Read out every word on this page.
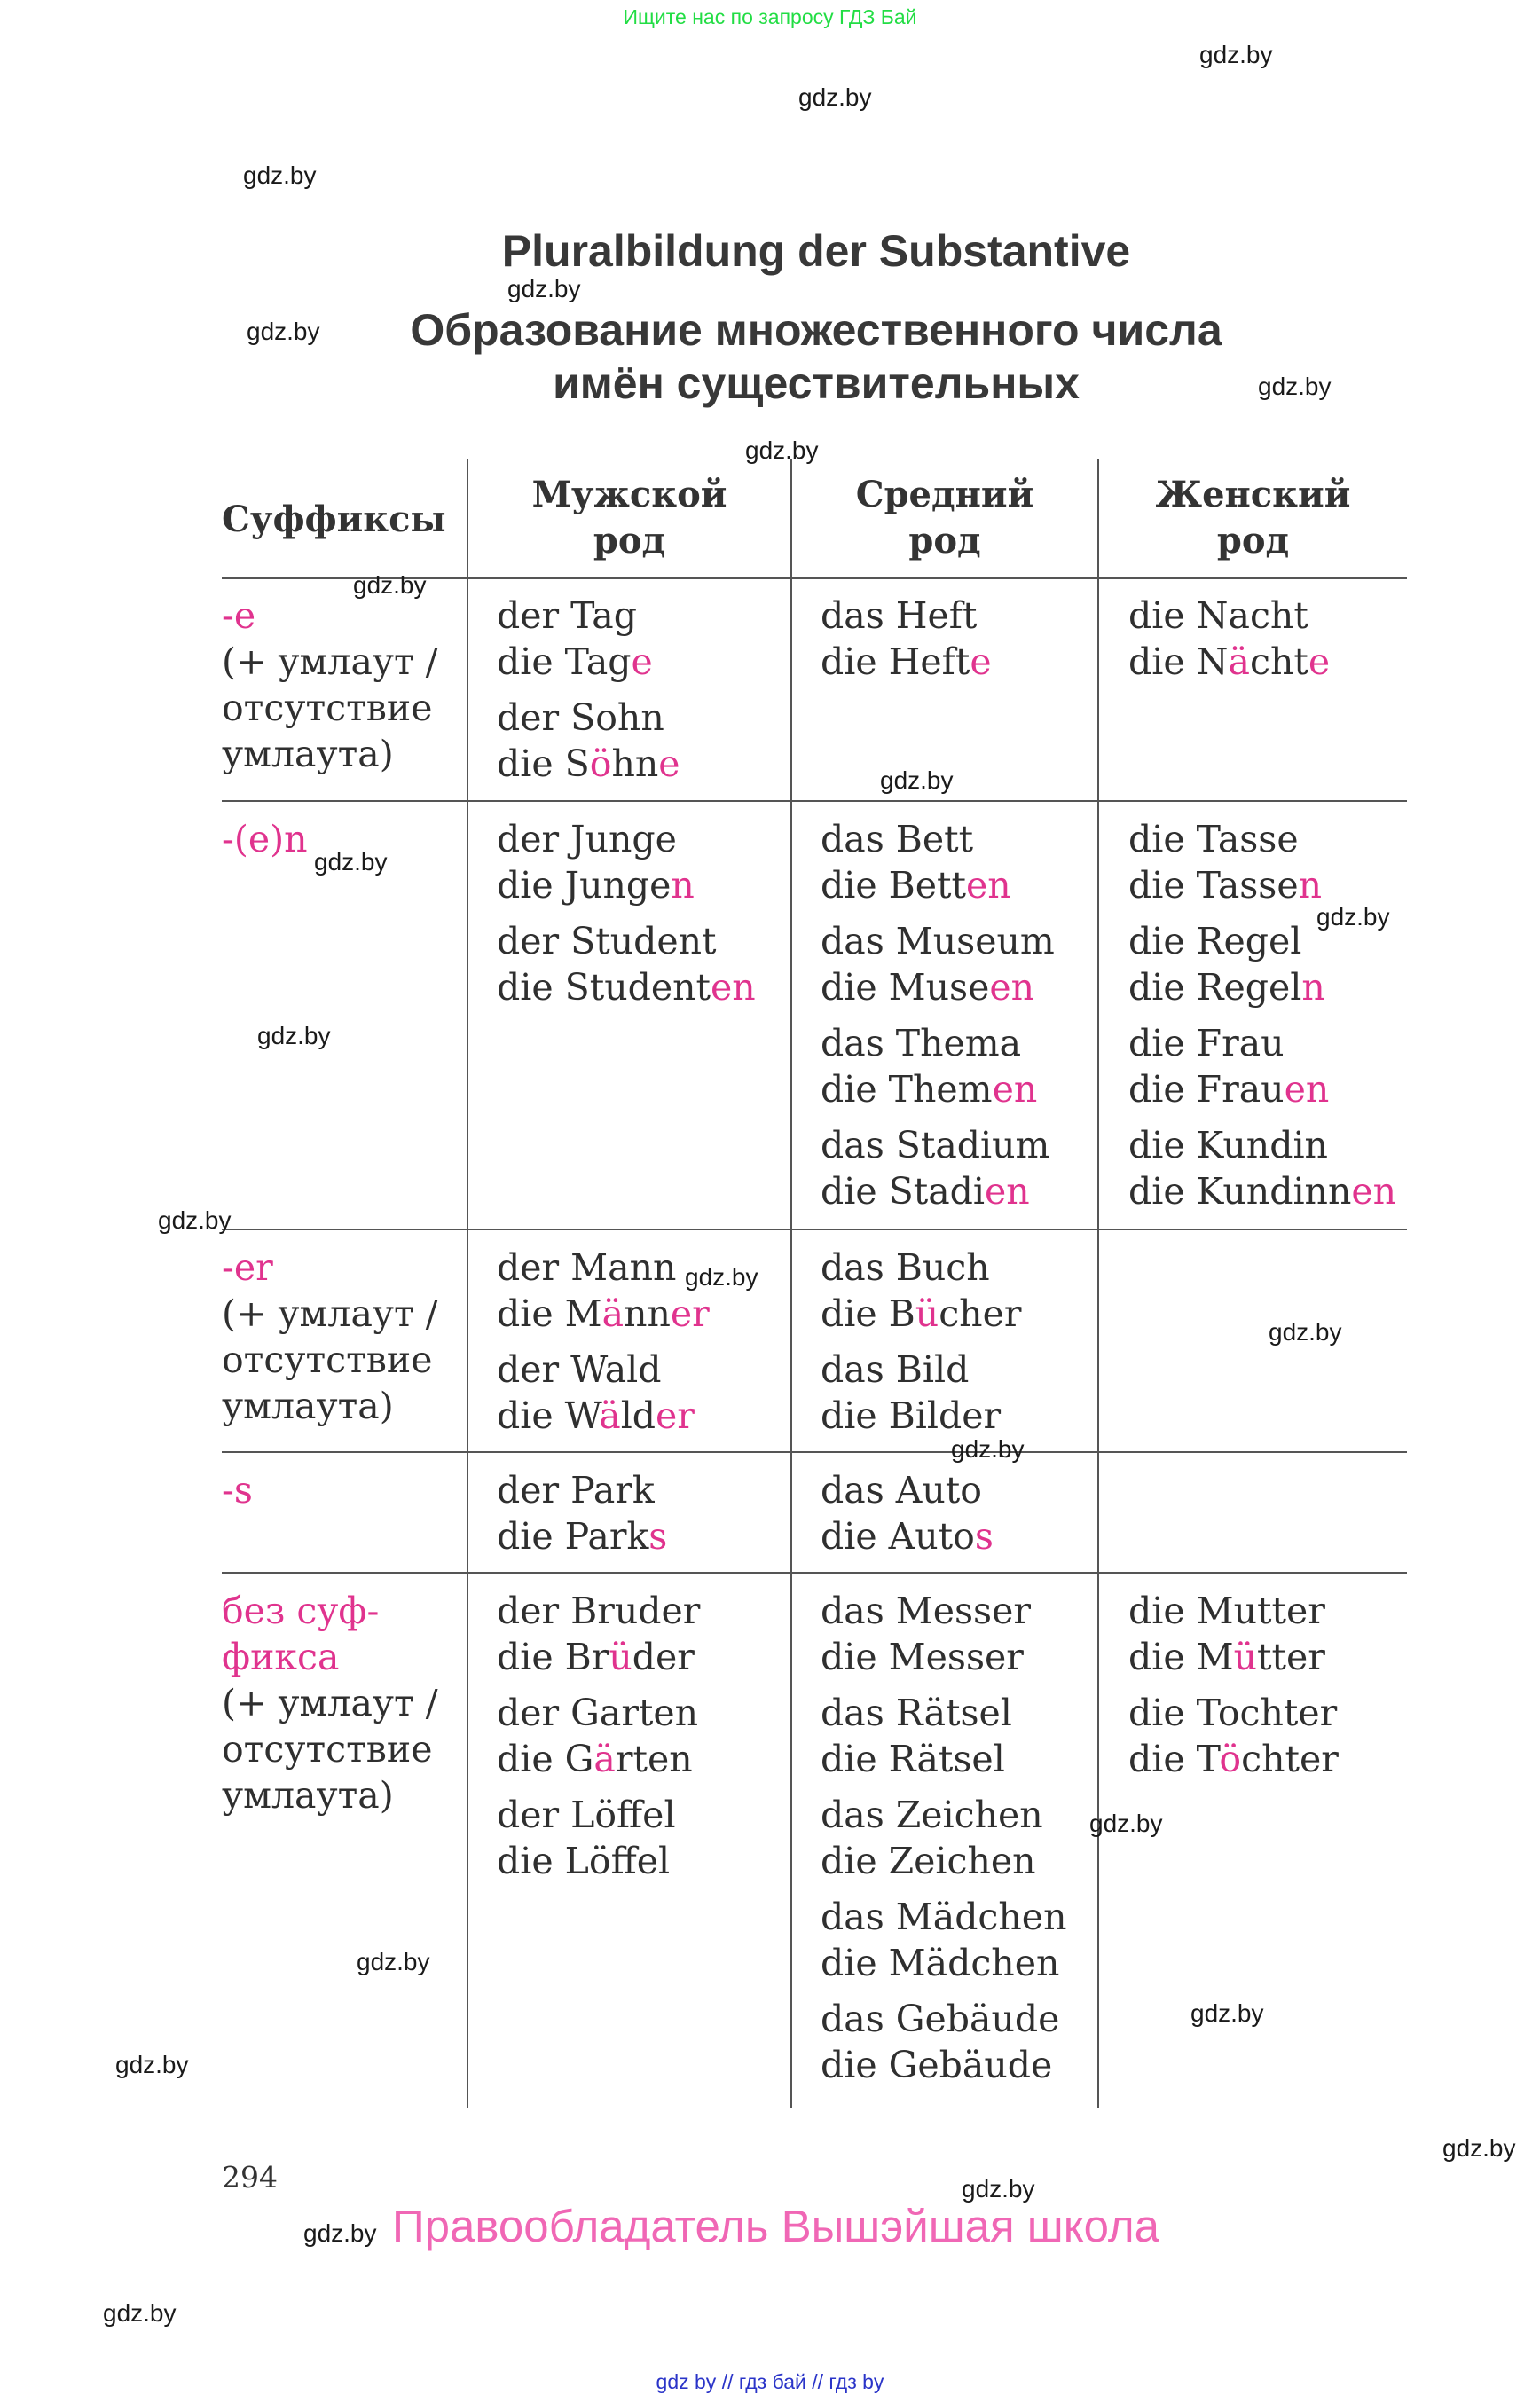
Ищите нас по запросу ГДЗ Бай
Pluralbildung der Substantive
Образование множественного числа
имён существительных
Суффиксы
Мужской
род
Средний
род
Женский
род
-e
(+ умлаут /
отсутствие
умлаута)
der Tag
die Tage
der Sohn
die Söhne
das Heft
die Hefte
die Nacht
die Nächte
-(e)n	der Junge
die Jungen
der Student
die Studenten
das Bett
die Betten
das Museum
die Museen
das Thema
die Themen
das Stadium
die Stadien
die Tasse
die Tassen
die Regel
die Regeln
die Frau
die Frauen
die Kundin
die Kundinnen
-er
(+ умлаут /
отсутствие
умлаута)
der Mann
die Männer
der Wald
die Wälder
das Buch
die Bücher
das Bild
die Bilder
-s	der Park
die Parks
das Auto
die Autos
без суф-
фикса
(+ умлаут /
отсутствие
умлаута)
der Bruder
die Brüder
der Garten
die Gärten
der Löffel
die Löffel
das Messer
die Messer
das Rätsel
die Rätsel
das Zeichen
die Zeichen
das Mädchen
die Mädchen
das Gebäude
die Gebäude
die Mutter
die Mütter
die Tochter
die Töchter
gdz.by
gdz.by
gdz.by
gdz.by
gdz.by
gdz.by
gdz.by
gdz.by
gdz.by
gdz.by
gdz.by
gdz.by
gdz.by
gdz.by
gdz.by
gdz.by
gdz.by
gdz.by
gdz.by
gdz.by
gdz.by
gdz.by
gdz.by
gdz.by
294
Правообладатель Вышэйшая школа
gdz by // гдз бай // гдз by
